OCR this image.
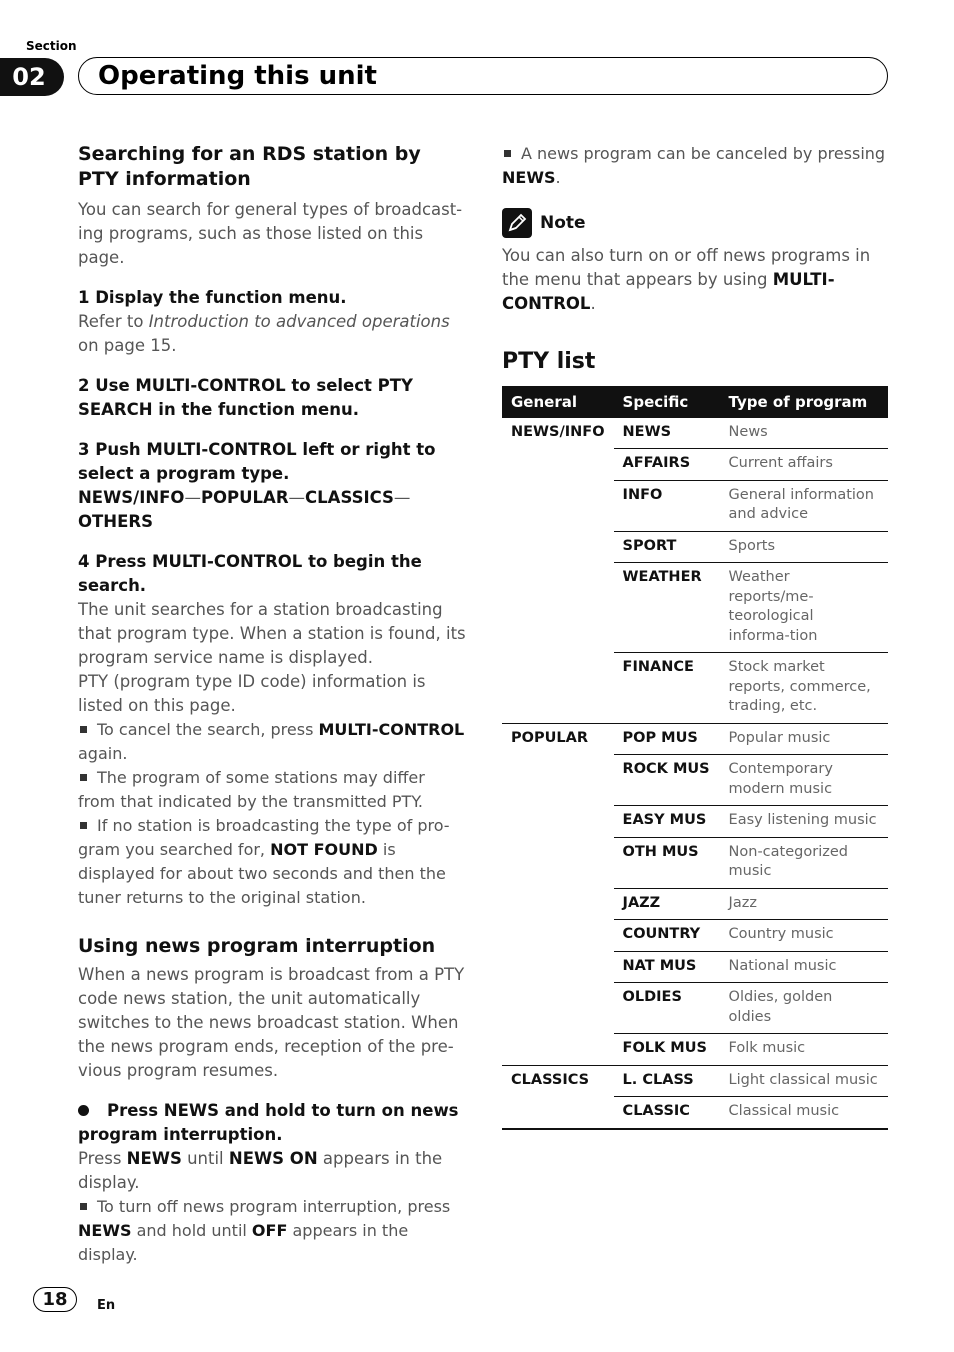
Section
02	Operating this unit
Searching for an RDS station by PTY information

You can search for general types of broadcast-ing programs, such as those listed on this page.

1 Display the function menu.

Refer to Introduction to advanced operations on page 15.

2 Use MULTI-CONTROL to select PTY SEARCH in the function menu.

3 Push MULTI-CONTROL left or right to select a program type.

NEWS/INFO—POPULAR—CLASSICS—
OTHERS

4 Press MULTI-CONTROL to begin the search.

The unit searches for a station broadcasting that program type. When a station is found, its program service name is displayed.

PTY (program type ID code) information is listed on this page.

To cancel the search, press MULTI-CONTROL again.

The program of some stations may differ from that indicated by the transmitted PTY.

If no station is broadcasting the type of pro-gram you searched for, NOT FOUND is displayed for about two seconds and then the tuner returns to the original station.

Using news program interruption

When a news program is broadcast from a PTY code news station, the unit automatically switches to the news broadcast station. When the news program ends, reception of the pre-vious program resumes.

Press NEWS and hold to turn on news program interruption.

Press NEWS until NEWS ON appears in the display.

To turn off news program interruption, press NEWS and hold until OFF appears in the display.

A news program can be canceled by pressing NEWS.

Note

You can also turn on or off news programs in the menu that appears by using MULTI-CONTROL.

PTY list
General	Specific	Type of program
NEWS/INFO	NEWS	News
	AFFAIRS	Current affairs
	INFO	General information and advice
	SPORT	Sports
	WEATHER	Weather reports/me-teorological informa-tion
	FINANCE	Stock market reports, commerce, trading, etc.
POPULAR	POP MUS	Popular music
	ROCK MUS	Contemporary modern music
	EASY MUS	Easy listening music
	OTH MUS	Non-categorized music
	JAZZ	Jazz
	COUNTRY	Country music
	NAT MUS	National music
	OLDIES	Oldies, golden oldies
	FOLK MUS	Folk music
CLASSICS	L. CLASS	Light classical music
	CLASSIC	Classical music
18	En
